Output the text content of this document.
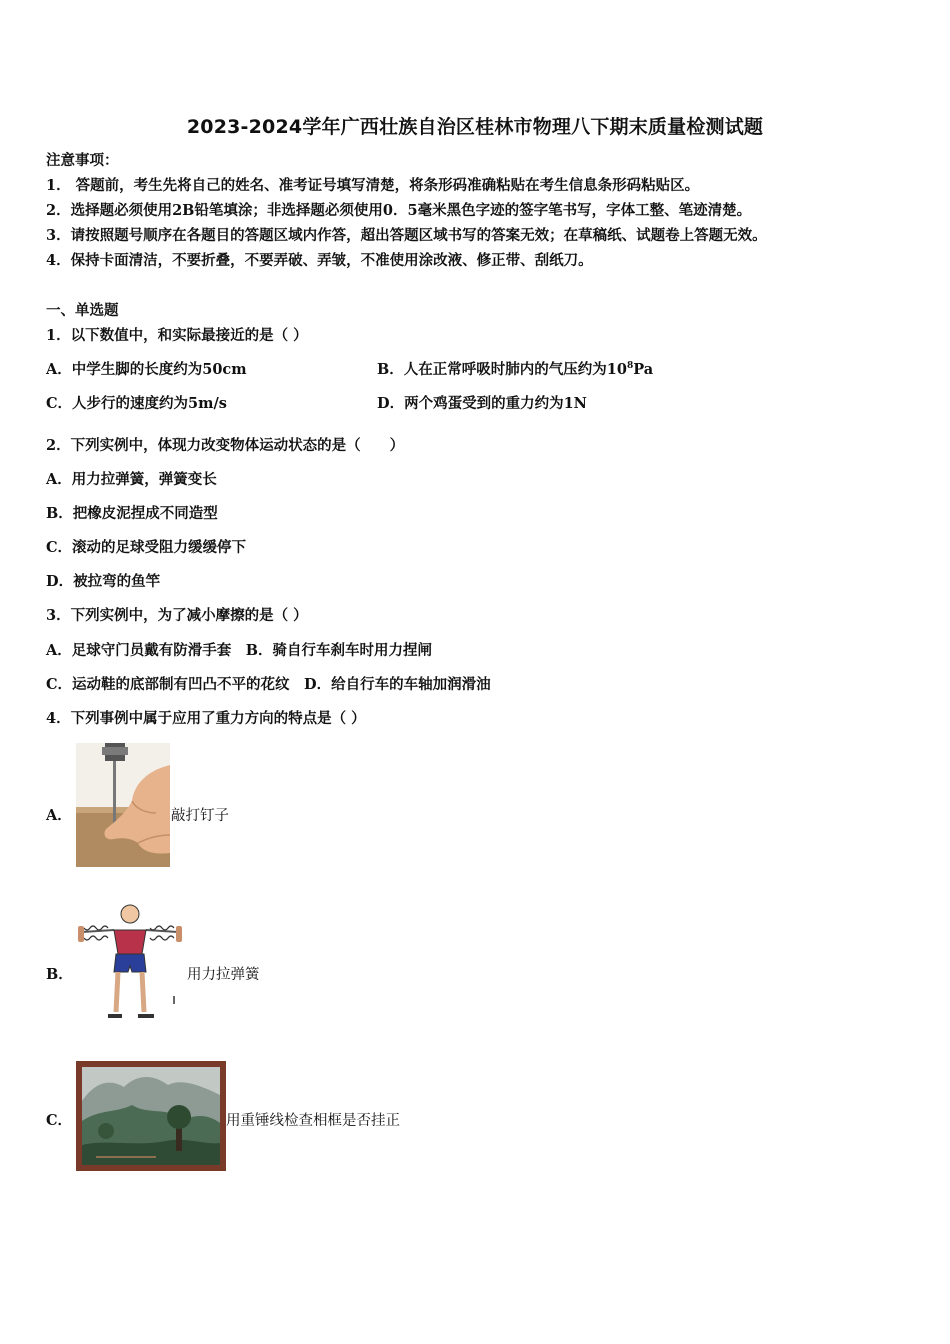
2023-2024学年广西壮族自治区桂林市物理八下期末质量检测试题
注意事项：
1． 答题前，考生先将自己的姓名、准考证号填写清楚，将条形码准确粘贴在考生信息条形码粘贴区。
2．选择题必须使用2B铅笔填涂；非选择题必须使用0．5毫米黑色字迹的签字笔书写，字体工整、笔迹清楚。
3．请按照题号顺序在各题目的答题区域内作答，超出答题区域书写的答案无效；在草稿纸、试题卷上答题无效。
4．保持卡面清洁，不要折叠，不要弄破、弄皱，不准使用涂改液、修正带、刮纸刀。
一、单选题
1．以下数值中，和实际最接近的是（ ）
A．中学生脚的长度约为50cm	B．人在正常呼吸时肺内的气压约为$10^8Pa$
C．人步行的速度约为5m/s	D．两个鸡蛋受到的重力约为1N
2．下列实例中，体现力改变物体运动状态的是（　　）
A．用力拉弹簧，弹簧变长
B．把橡皮泥捏成不同造型
C．滚动的足球受阻力缓缓停下
D．被拉弯的鱼竿
3．下列实例中，为了减小摩擦的是（ ）
A．足球守门员戴有防滑手套　B．骑自行车刹车时用力捏闸
C．运动鞋的底部制有凹凸不平的花纹　D．给自行车的车轴加润滑油
4．下列事例中属于应用了重力方向的特点是（ ）
A．	敲打钉子
B．	用力拉弹簧
C．	用重锤线检查相框是否挂正
